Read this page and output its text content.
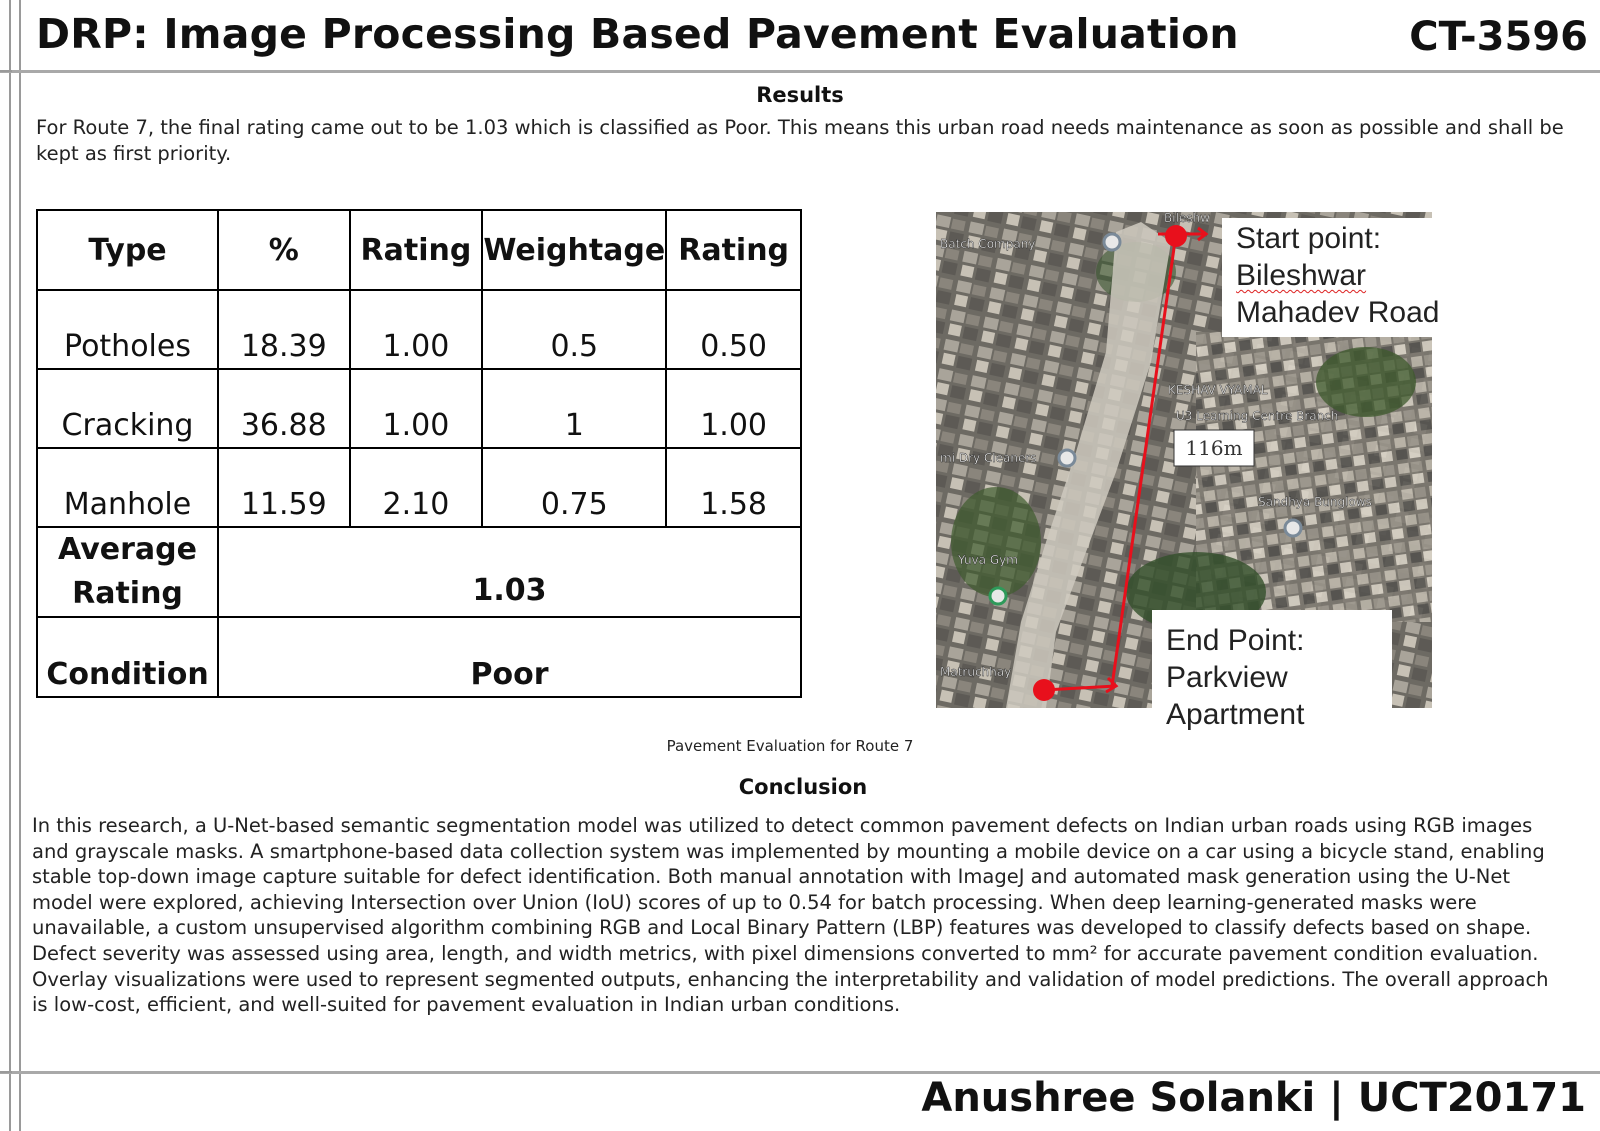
DRP: Image Processing Based Pavement Evaluation	CT-3596
Results
For Route 7, the final rating came out to be 1.03 which is classified as Poor. This means this urban road needs maintenance as soon as possible and shall be kept as first priority.
Type	%	Rating	Weightage	Rating
Potholes	18.39	1.00	0.5	0.50
Cracking	36.88	1.00	1	1.00
Manhole	11.59	2.10	0.75	1.58
Average
Rating	1.03			
Condition	Poor			
Pavement Evaluation for Route 7
Batch Company
Bileshw
Sandhya Bunglows
mi Dry Cleaners
Yuva Gym
Matruchhay
U3 Learning Centre Branch
KESHAV VYAMAL
116m
Start point:
Bileshwar
Mahadev Road
End Point:
Parkview
Apartment
Conclusion
In this research, a U-Net-based semantic segmentation model was utilized to detect common pavement defects on Indian urban roads using RGB images and grayscale masks. A smartphone-based data collection system was implemented by mounting a mobile device on a car using a bicycle stand, enabling stable top-down image capture suitable for defect identification. Both manual annotation with ImageJ and automated mask generation using the U-Net model were explored, achieving Intersection over Union (IoU) scores of up to 0.54 for batch processing. When deep learning-generated masks were unavailable, a custom unsupervised algorithm combining RGB and Local Binary Pattern (LBP) features was developed to classify defects based on shape. Defect severity was assessed using area, length, and width metrics, with pixel dimensions converted to mm² for accurate pavement condition evaluation. Overlay visualizations were used to represent segmented outputs, enhancing the interpretability and validation of model predictions. The overall approach is low-cost, efficient, and well-suited for pavement evaluation in Indian urban conditions.
Anushree Solanki | UCT20171
